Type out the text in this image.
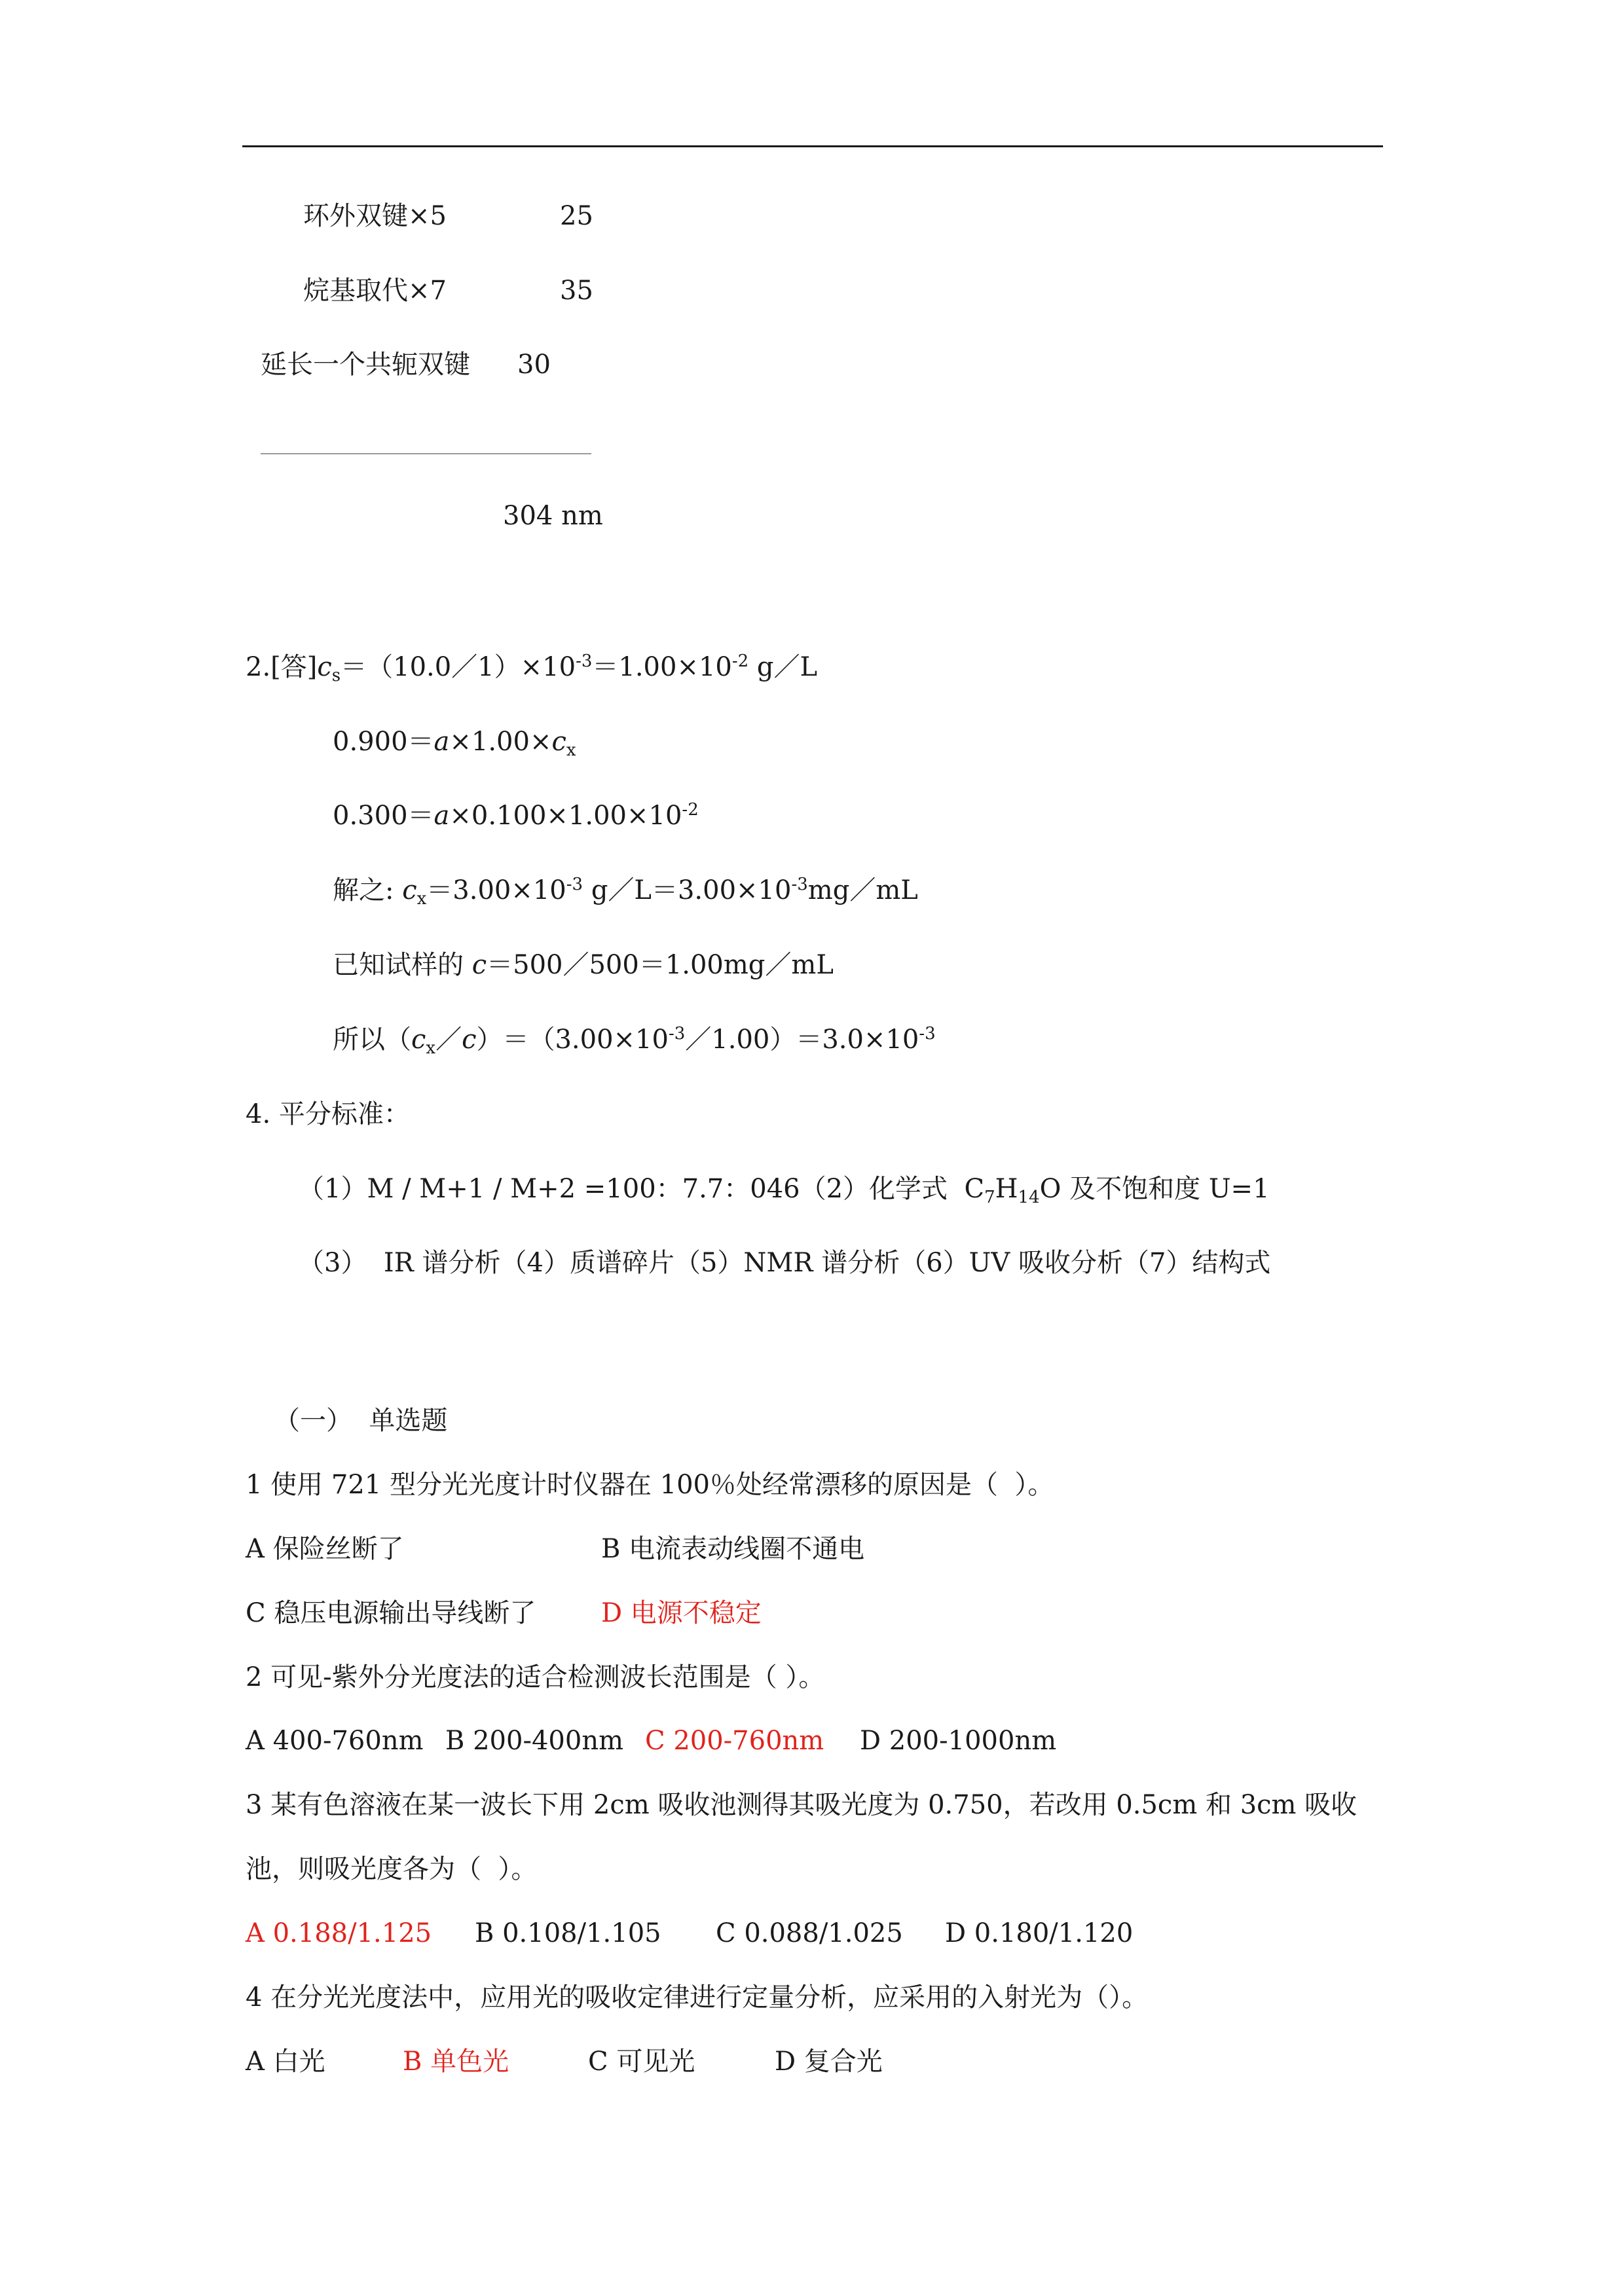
环外双键×5	25
烷基取代×7	35
延长一个共轭双键 30
304 nm
2.[答]$c_s=(10.0/1)\times 10^{-3}=1.00\times 10^{-2}$ g／L
$0.900=a\times 1.00\times c_x$
$0.300=a\times 0.100\times 1.00\times 10^{-2}$
解之: $c_x=3.00\times 10^{-3}$ $g/L=3.00\times 10^{-3}mg/mL$
已知试样的 c＝500／500＝1.00mg／mL
所以$(c_x/c)=(3.00\times 10^{-3}/1.00)=3.0\times 10^{-3}$
4. 平分标准：
（1）M / M+1 / M+2 =100：7.7：046（2）化学式  $C_7H_{14}O$ 及不饱和度 U=1
（3）  IR 谱分析（4）质谱碎片（5）NMR 谱分析（6）UV 吸收分析（7）结构式
（一）  单选题
1 使用 721 型分光光度计时仪器在 100％处经常漂移的原因是（  ）。
A 保险丝断了	B 电流表动线圈不通电
C 稳压电源输出导线断了 D 电源不稳定
2 可见-紫外分光度法的适合检测波长范围是（ ）。
A 400-760nm B 200-400nm C 200-760nm D 200-1000nm
3 某有色溶液在某一波长下用 2cm 吸收池测得其吸光度为 0.750，若改用 0.5cm 和 3cm 吸收
池，则吸光度各为（  ）。
A 0.188/1.125 B 0.108/1.105 C 0.088/1.025 D 0.180/1.120
4 在分光光度法中，应用光的吸收定律进行定量分析，应采用的入射光为（）。
A 白光	B 单色光	C 可见光	D 复合光
